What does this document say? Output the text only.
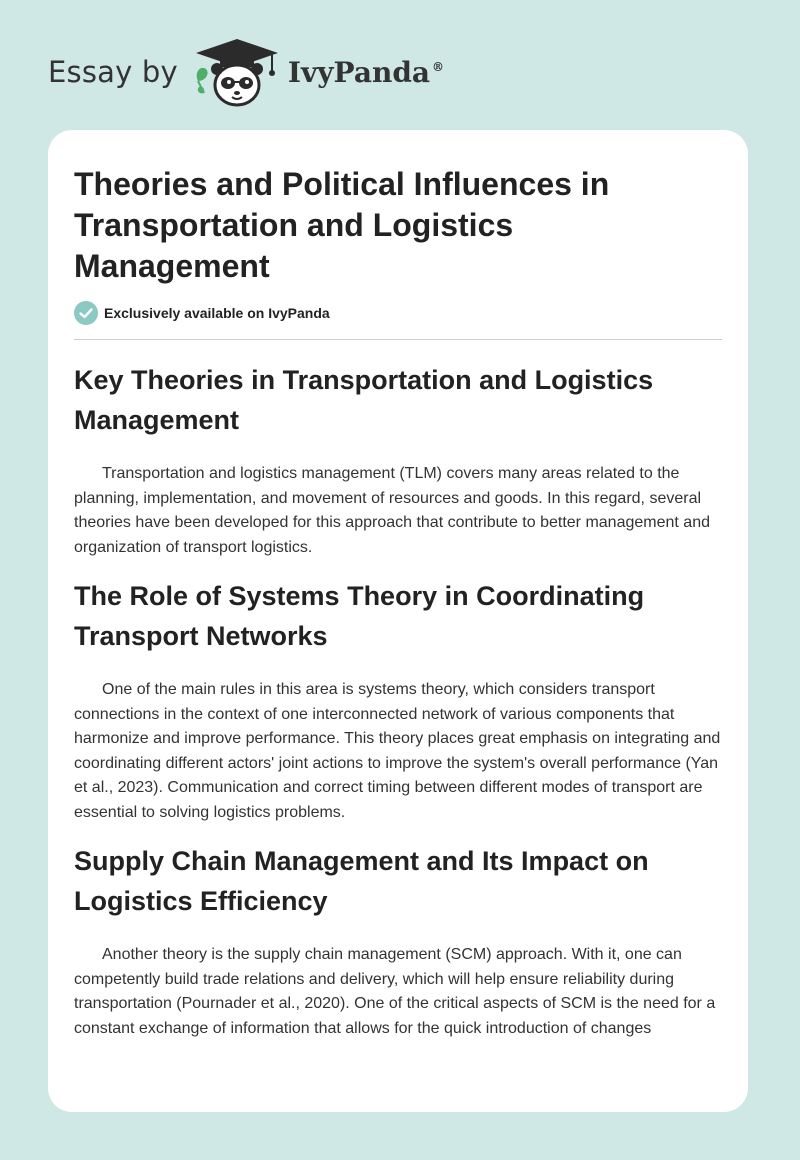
Essay by	IvyPanda ®
Theories and Political Influences in Transportation and Logistics Management
Exclusively available on IvyPanda
Key Theories in Transportation and Logistics Management

Transportation and logistics management (TLM) covers many areas related to the planning, implementation, and movement of resources and goods. In this regard, several theories have been developed for this approach that contribute to better management and organization of transport logistics.

The Role of Systems Theory in Coordinating Transport Networks

One of the main rules in this area is systems theory, which considers transport connections in the context of one interconnected network of various components that harmonize and improve performance. This theory places great emphasis on integrating and coordinating different actors' joint actions to improve the system's overall performance (Yan et al., 2023). Communication and correct timing between different modes of transport are essential to solving logistics problems.

Supply Chain Management and Its Impact on Logistics Efficiency

Another theory is the supply chain management (SCM) approach. With it, one can competently build trade relations and delivery, which will help ensure reliability during transportation (Pournader et al., 2020). One of the critical aspects of SCM is the need for a constant exchange of information that allows for the quick introduction of changes
